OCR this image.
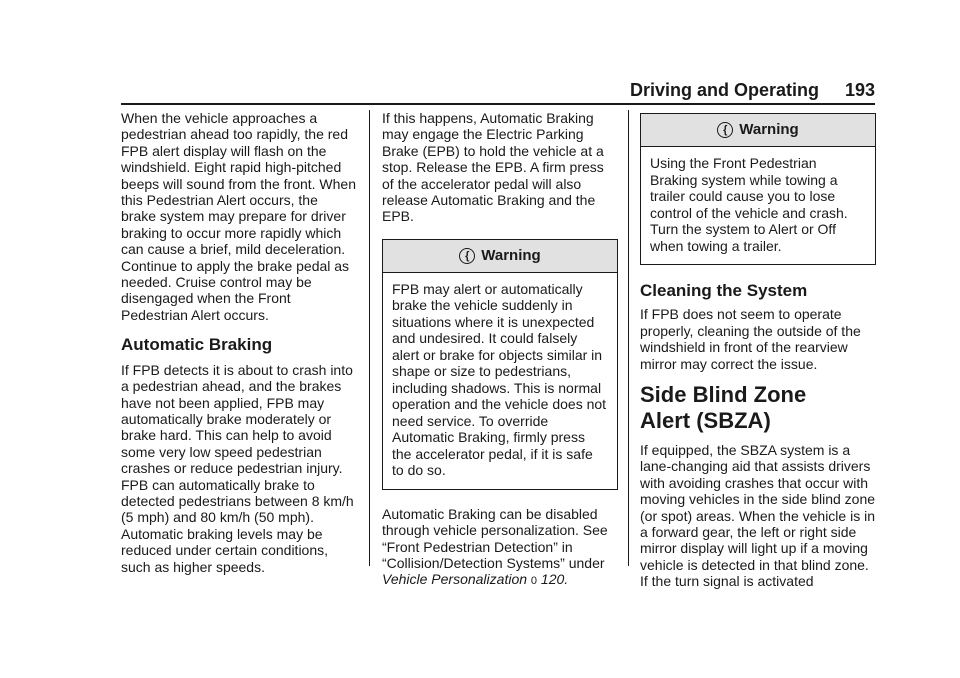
Driving and Operating 193

When the vehicle approaches a pedestrian ahead too rapidly, the red FPB alert display will flash on the windshield. Eight rapid high-pitched beeps will sound from the front. When this Pedestrian Alert occurs, the brake system may prepare for driver braking to occur more rapidly which can cause a brief, mild deceleration. Continue to apply the brake pedal as needed. Cruise control may be disengaged when the Front Pedestrian Alert occurs.

Automatic Braking

If FPB detects it is about to crash into a pedestrian ahead, and the brakes have not been applied, FPB may automatically brake moderately or brake hard. This can help to avoid some very low speed pedestrian crashes or reduce pedestrian injury. FPB can automatically brake to detected pedestrians between 8 km/h (5 mph) and 80 km/h (50 mph). Automatic braking levels may be reduced under certain conditions, such as higher speeds.

If this happens, Automatic Braking may engage the Electric Parking Brake (EPB) to hold the vehicle at a stop. Release the EPB. A firm press of the accelerator pedal will also release Automatic Braking and the EPB.

{ Warning
FPB may alert or automatically brake the vehicle suddenly in situations where it is unexpected and undesired. It could falsely alert or brake for objects similar in shape or size to pedestrians, including shadows. This is normal operation and the vehicle does not need service. To override Automatic Braking, firmly press the accelerator pedal, if it is safe to do so.

Automatic Braking can be disabled through vehicle personalization. See “Front Pedestrian Detection” in “Collision/Detection Systems” under Vehicle Personalization 0 120.

{ Warning
Using the Front Pedestrian Braking system while towing a trailer could cause you to lose control of the vehicle and crash. Turn the system to Alert or Off when towing a trailer.
Cleaning the System

If FPB does not seem to operate properly, cleaning the outside of the windshield in front of the rearview mirror may correct the issue.

Side Blind Zone Alert (SBZA)

If equipped, the SBZA system is a lane-changing aid that assists drivers with avoiding crashes that occur with moving vehicles in the side blind zone (or spot) areas. When the vehicle is in a forward gear, the left or right side mirror display will light up if a moving vehicle is detected in that blind zone. If the turn signal is activated
